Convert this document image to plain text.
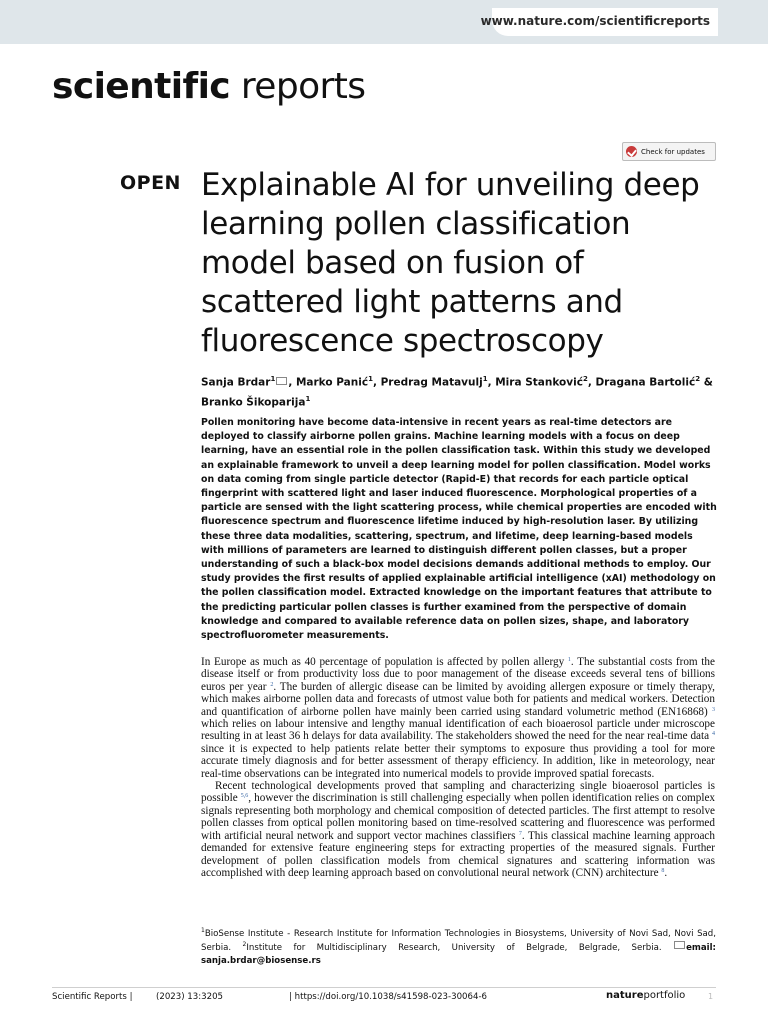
www.nature.com/scientificreports
scientific reports
Check for updates
OPEN Explainable AI for unveiling deep learning pollen classification model based on fusion of scattered light patterns and fluorescence spectroscopy
Sanja Brdar$^1$ , Marko Panić$^1$, Predrag Matavulj$^1$, Mira Stanković$^2$, Dragana Bartolić$^2$ & Branko Šikoparija$^1$

Pollen monitoring have become data-intensive in recent years as real-time detectors are deployed to classify airborne pollen grains. Machine learning models with a focus on deep learning, have an essential role in the pollen classification task. Within this study we developed an explainable framework to unveil a deep learning model for pollen classification. Model works on data coming from single particle detector (Rapid-E) that records for each particle optical fingerprint with scattered light and laser induced fluorescence. Morphological properties of a particle are sensed with the light scattering process, while chemical properties are encoded with fluorescence spectrum and fluorescence lifetime induced by high-resolution laser. By utilizing these three data modalities, scattering, spectrum, and lifetime, deep learning-based models with millions of parameters are learned to distinguish different pollen classes, but a proper understanding of such a black-box model decisions demands additional methods to employ. Our study provides the first results of applied explainable artificial intelligence (xAI) methodology on the pollen classification model. Extracted knowledge on the important features that attribute to the predicting particular pollen classes is further examined from the perspective of domain knowledge and compared to available reference data on pollen sizes, shape, and laboratory spectrofluorometer measurements.

In Europe as much as 40 percentage of population is affected by pollen allergy $^1$. The substantial costs from the disease itself or from productivity loss due to poor management of the disease exceeds several tens of billions euros per year $^2$. The burden of allergic disease can be limited by avoiding allergen exposure or timely therapy, which makes airborne pollen data and forecasts of utmost value both for patients and medical workers. Detection and quantification of airborne pollen have mainly been carried using standard volumetric method (EN16868) $^3$ which relies on labour intensive and lengthy manual identification of each bioaerosol particle under microscope resulting in at least 36 h delays for data availability. The stakeholders showed the need for the near real-time data $^4$ since it is expected to help patients relate better their symptoms to exposure thus providing a tool for more accurate timely diagnosis and for better assessment of therapy efficiency. In addition, like in meteorology, near real-time observations can be integrated into numerical models to provide improved spatial forecasts.

Recent technological developments proved that sampling and characterizing single bioaerosol particles is possible $^{5,6}$, however the discrimination is still challenging especially when pollen identification relies on complex signals representing both morphology and chemical composition of detected particles. The first attempt to resolve pollen classes from optical pollen monitoring based on time-resolved scattering and fluorescence was performed with artificial neural network and support vector machines classifiers $^7$. This classical machine learning approach demanded for extensive feature engineering steps for extracting properties of the measured signals. Further development of pollen classification models from chemical signatures and scattering information was accomplished with deep learning approach based on convolutional neural network (CNN) architecture $^8$.

$^1$BioSense Institute - Research Institute for Information Technologies in Biosystems, University of Novi Sad, Novi Sad, Serbia. $^2$Institute for Multidisciplinary Research, University of Belgrade, Belgrade, Serbia. email: sanja.brdar@biosense.rs

Scientific Reports |	(2023) 13:3205	| https://doi.org/10.1038/s41598-023-30064-6	natureportfolio	1
